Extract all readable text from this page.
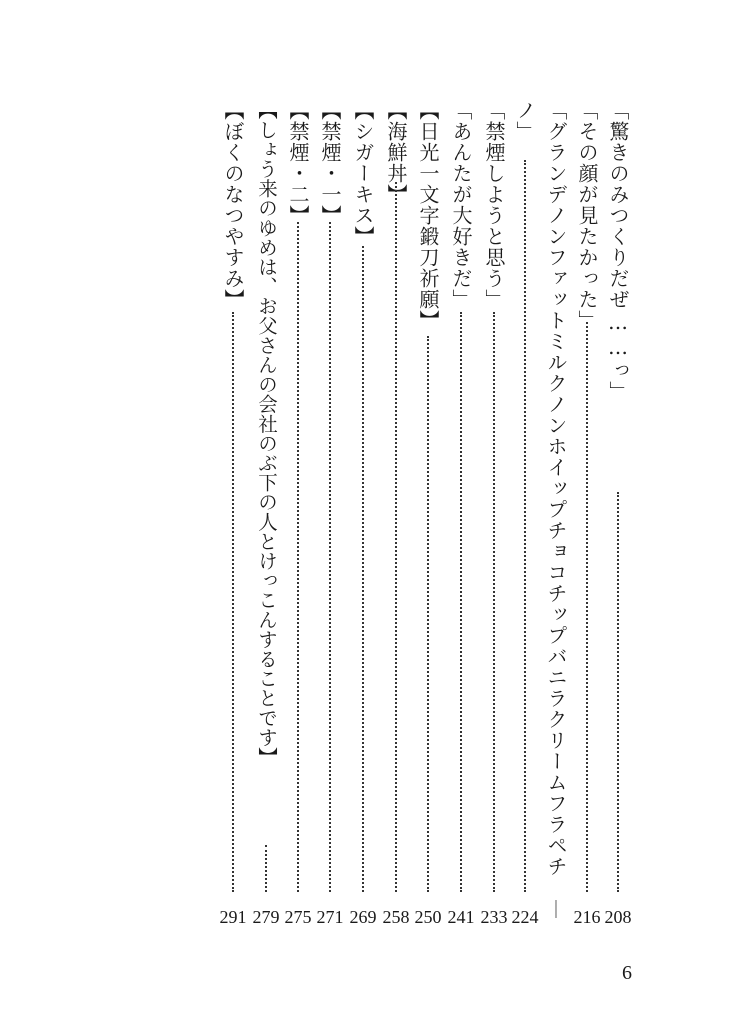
「驚きのみつくりだぜ……っ」
208
「その顔が見たかった」
216
「グランデノンファットミルクノンホイップチョコチップバニラクリームフラペチ
｜
ノ」
224
「禁煙しようと思う」
233
「あんたが大好きだ」
241
【日光一文字鍛刀祈願】
250
【海鮮丼】
258
【シガーキス】
269
【禁煙・一】
271
【禁煙・二】
275
【しょう来のゆめは、お父さんの会社のぶ下の人とけっこんすることです】
279
【ぼくのなつやすみ】
291
6
